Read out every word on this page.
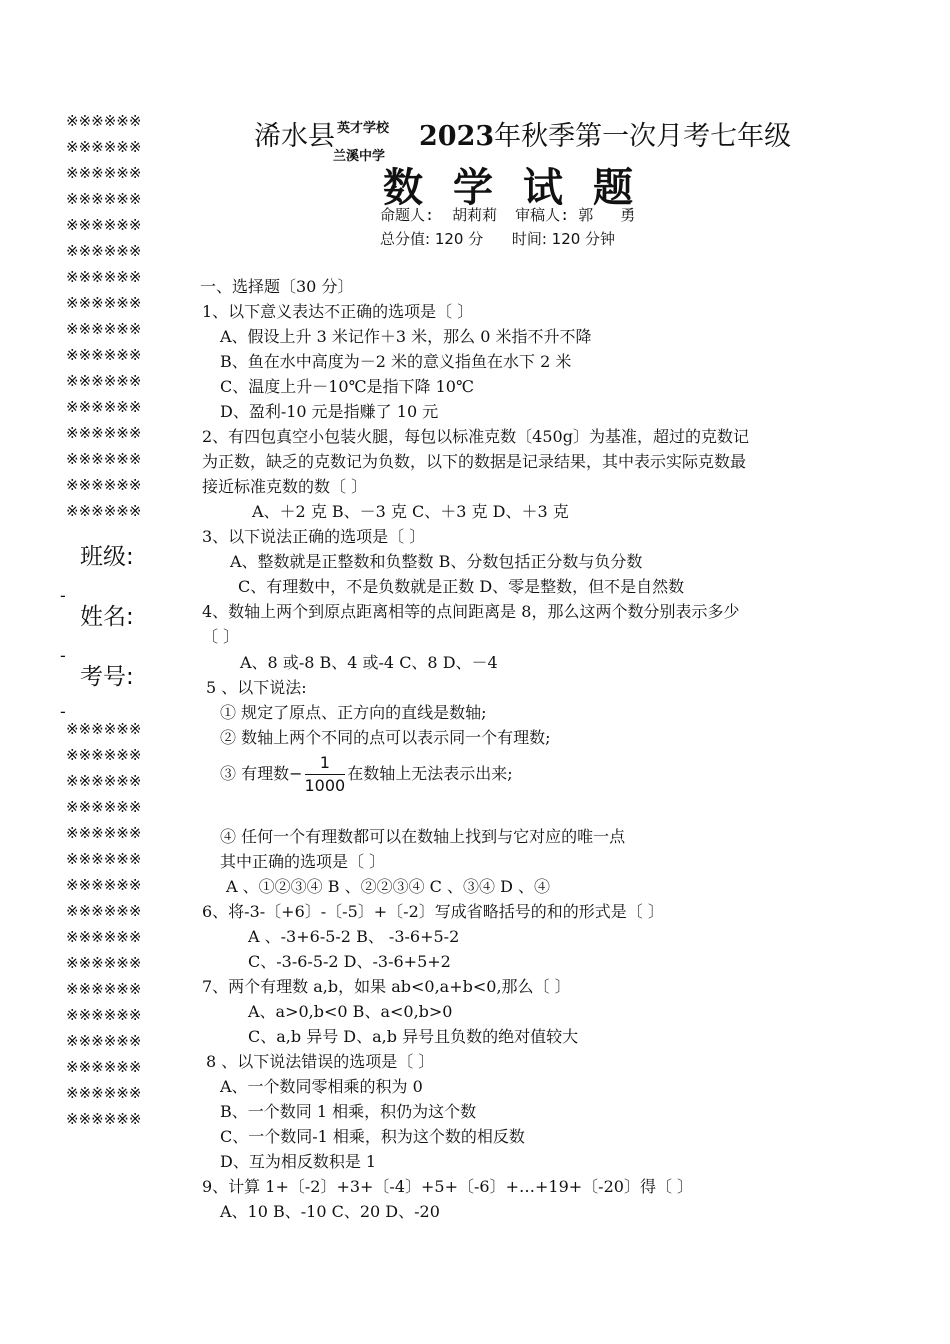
※※※※※※
※※※※※※
※※※※※※
※※※※※※
※※※※※※
※※※※※※
※※※※※※
※※※※※※
※※※※※※
※※※※※※
※※※※※※
※※※※※※
※※※※※※
※※※※※※
※※※※※※
※※※※※※
-
班级:
-
姓名:
考号:
-
※※※※※※
※※※※※※
※※※※※※
※※※※※※
※※※※※※
※※※※※※
※※※※※※
※※※※※※
※※※※※※
※※※※※※
※※※※※※
※※※※※※
※※※※※※
※※※※※※
※※※※※※
※※※※※※
浠水县 英才学校
兰溪中学
2023年秋季第一次月考七年级
数学试题
命题人:  胡莉莉  审稿人: 郭   勇
总分值: 120 分      时间: 120 分钟
一、选择题〔30 分〕
1、以下意义表达不正确的选项是〔 〕
A、假设上升 3 米记作＋3 米，那么 0 米指不升不降
B、鱼在水中高度为－2 米的意义指鱼在水下 2 米
C、温度上升－10℃是指下降 10℃
D、盈利-10 元是指赚了 10 元
2、有四包真空小包装火腿，每包以标准克数〔450g〕为基准，超过的克数记
为正数，缺乏的克数记为负数，以下的数据是记录结果，其中表示实际克数最
接近标准克数的数〔 〕
A、＋2 克 B、－3 克 C、＋3 克 D、＋3 克
3、以下说法正确的选项是〔 〕
A、整数就是正整数和负整数 B、分数包括正分数与负分数
C、有理数中，不是负数就是正数 D、零是整数，但不是自然数
4、数轴上两个到原点距离相等的点间距离是 8，那么这两个数分别表示多少
〔 〕
A、8 或-8 B、4 或-4 C、8 D、－4
5 、以下说法:
① 规定了原点、正方向的直线是数轴;
② 数轴上两个不同的点可以表示同一个有理数;
③ 有理数− $\frac{1}{1000}$ 在数轴上无法表示出来;
④ 任何一个有理数都可以在数轴上找到与它对应的唯一点
其中正确的选项是〔 〕
A 、①②③④ B 、②②③④ C 、③④ D 、④
6、将-3-〔+6〕-〔-5〕+〔-2〕写成省略括号的和的形式是〔 〕
A 、-3+6-5-2 B、 -3-6+5-2
C、-3-6-5-2 D、-3-6+5+2
7、两个有理数 a,b，如果 ab<0,a+b<0,那么〔 〕
A、a>0,b<0 B、a<0,b>0
C、a,b 异号 D、a,b 异号且负数的绝对值较大
8 、以下说法错误的选项是〔 〕
A、一个数同零相乘的积为 0
B、一个数同 1 相乘，积仍为这个数
C、一个数同-1 相乘，积为这个数的相反数
D、互为相反数积是 1
9、计算 1+〔-2〕+3+〔-4〕+5+〔-6〕+…+19+〔-20〕得〔 〕
A、10 B、-10 C、20 D、-20
